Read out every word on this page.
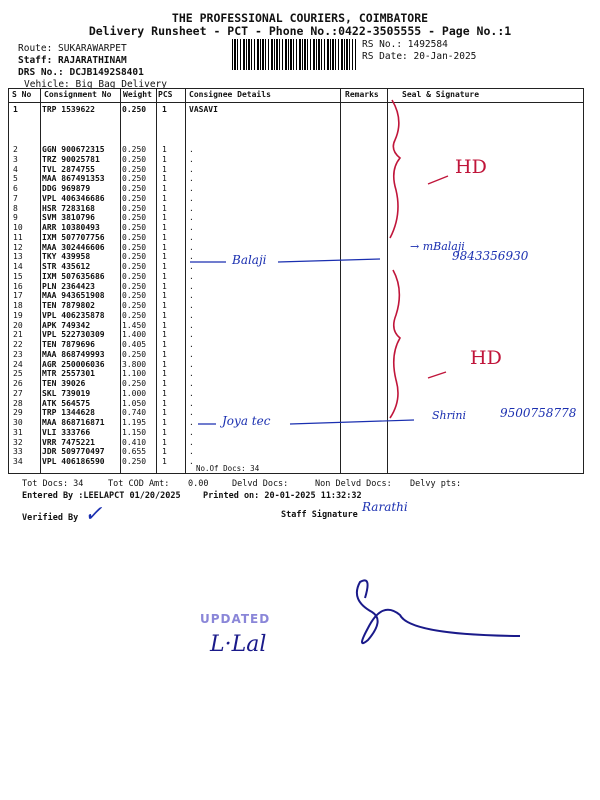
THE PROFESSIONAL COURIERS, COIMBATORE
Delivery Runsheet - PCT - Phone No.:0422-3505555 - Page No.:1
Route: SUKARAWARPET
Staff: RAJARATHINAM
DRS No.: DCJB1492S8401
Vehicle: Big Bag Delivery
RS No.: 1492584
RS Date: 20-Jan-2025
S No Consignment No Weight PCS Consignee Details	Remarks	Seal & Signature
1	TRP 1539622	0.250 1	VASAVI
2	GGN 900672315 0.250 1	.
3	TRZ 90025781	0.250 1	.
4	TVL 2874755	0.250 1	.
5	MAA 867491353 0.250 1	.
6	DDG 969879	0.250 1	.
7	VPL 406346686 0.250 1	.
8	HSR 7283168	0.250 1	.
9	SVM 3810796	0.250 1	.
10 ARR 10380493	0.250 1	.
11 IXM 507707756 0.250 1	.
12 MAA 302446606 0.250 1	.
13 TKY 439958	0.250 1	.
14 STR 435612	0.250 1	.
15 IXM 507635686 0.250 1	.
16 PLN 2364423	0.250 1	.
17 MAA 943651908 0.250 1	.
18 TEN 7879802	0.250 1	.
19 VPL 406235878 0.250 1	.
20 APK 749342	1.450 1	.
21 VPL 522730309 1.400 1	.
22 TEN 7879696	0.405 1	.
23 MAA 868749993 0.250 1	.
24 AGR 250006036 3.800 1	.
25 MTR 2557301	1.100 1	.
26 TEN 39026	0.250 1	.
27 SKL 739019	1.000 1	.
28 ATK 564575	1.050 1	.
29 TRP 1344628	0.740 1	.
30 MAA 868716871 1.195 1	.
31 VLI 333766	1.150 1	.
32 VRR 7475221	0.410 1	.
33 JDR 509770497 0.655 1	.
34 VPL 406186590 0.250 1	.
No.Of Docs: 34
Tot Docs: 34	Tot COD Amt: 0.00	Delvd Docs:	Non Delvd Docs: Delvy pts:
Entered By :LEELAPCT 01/20/2025	Printed on: 20-01-2025 11:32:32
Verified By	Staff Signature
✓	Rarathi
HD
HD
Balaji
→ mBalaji
9843356930
Joya tec	Shrini	9500758778
UPDATED
L·Lal
